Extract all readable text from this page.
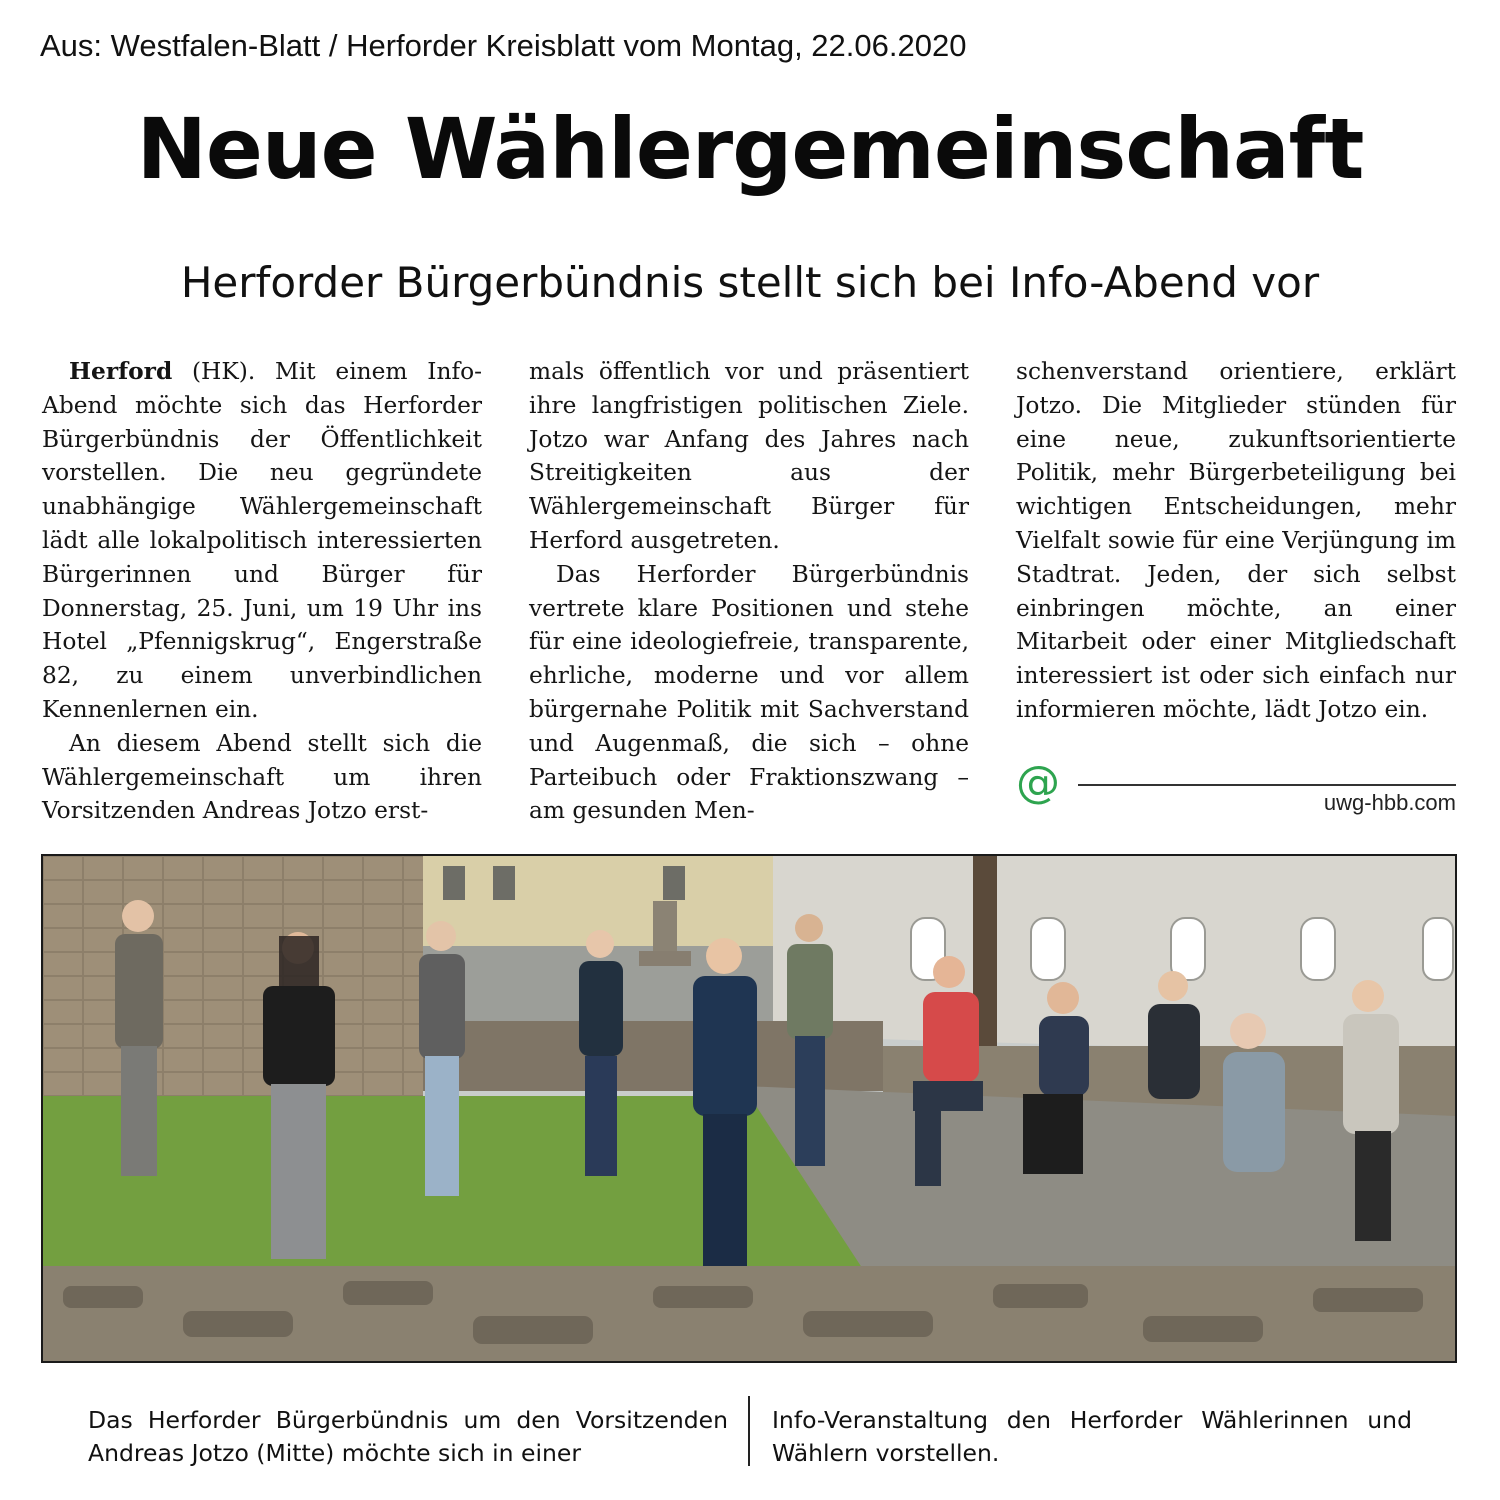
Aus: Westfalen-Blatt / Herforder Kreisblatt vom Montag, 22.06.2020
Neue Wählergemeinschaft
Herforder Bürgerbündnis stellt sich bei Info-Abend vor

Herford (HK). Mit einem Info-Abend möchte sich das Herforder Bürgerbündnis der Öffentlichkeit vorstellen. Die neu gegründete unabhängige Wählergemeinschaft lädt alle lokalpolitisch interessierten Bürgerinnen und Bürger für Donnerstag, 25. Juni, um 19 Uhr ins Hotel „Pfennigskrug“, Engerstraße 82, zu einem unverbindlichen Kennenlernen ein.

An diesem Abend stellt sich die Wählergemeinschaft um ihren Vorsitzenden Andreas Jotzo erst-

mals öffentlich vor und präsentiert ihre langfristigen politischen Ziele. Jotzo war Anfang des Jahres nach Streitigkeiten aus der Wählergemeinschaft Bürger für Herford ausgetreten.

Das Herforder Bürgerbündnis vertrete klare Positionen und stehe für eine ideologiefreie, transparente, ehrliche, moderne und vor allem bürgernahe Politik mit Sachverstand und Augenmaß, die sich – ohne Parteibuch oder Fraktionszwang – am gesunden Men-

schenverstand orientiere, erklärt Jotzo. Die Mitglieder stünden für eine neue, zukunftsorientierte Politik, mehr Bürgerbeteiligung bei wichtigen Entscheidungen, mehr Vielfalt sowie für eine Verjüngung im Stadtrat. Jeden, der sich selbst einbringen möchte, an einer Mitarbeit oder einer Mitgliedschaft interessiert ist oder sich einfach nur informieren möchte, lädt Jotzo ein.

@	uwg-hbb.com
Das Herforder Bürgerbündnis um den Vorsitzenden Andreas Jotzo (Mitte) möchte sich in einer
Info-Veranstaltung den Herforder Wählerinnen und Wählern vorstellen.
